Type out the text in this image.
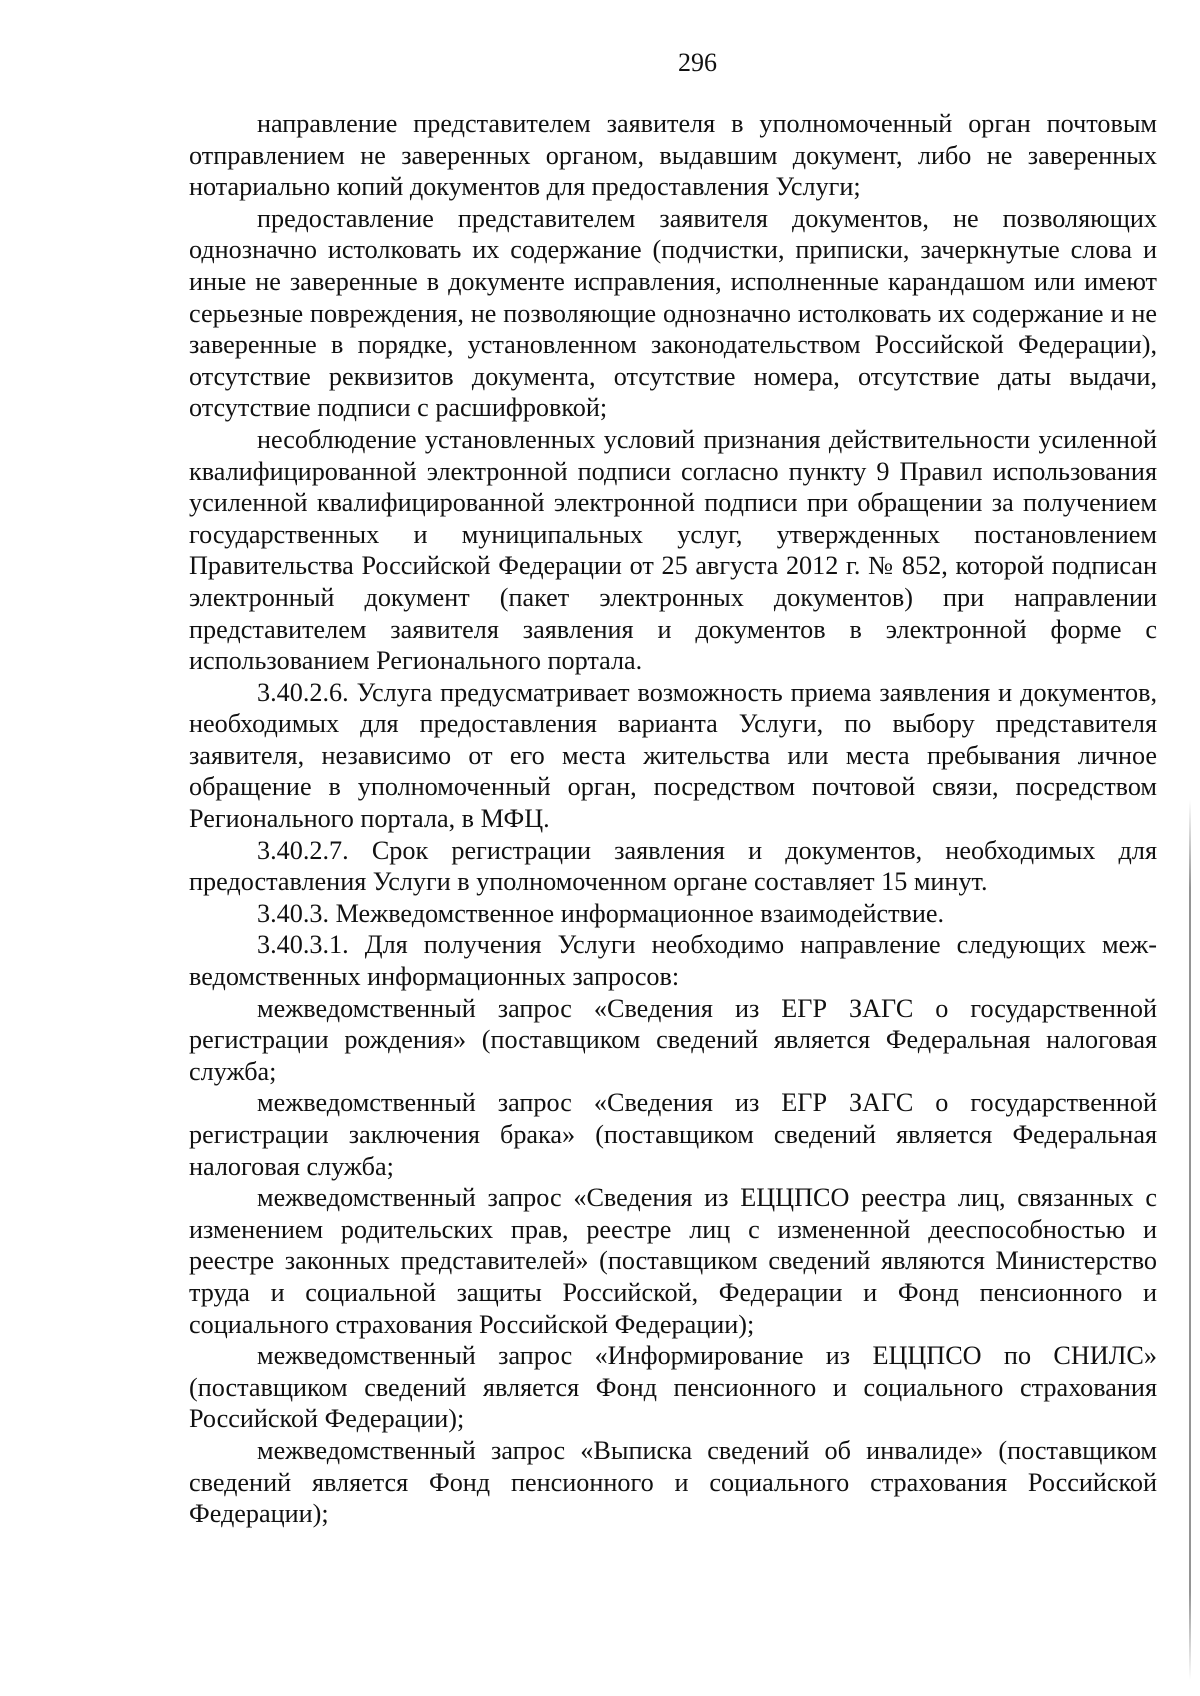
296

направление представителем заявителя в уполномоченный орган почтовым отправлением не заверенных органом, выдавшим документ, либо не заверенных нотариально копий документов для предоставления Услуги;

предоставление представителем заявителя документов, не позволяющих однозначно истолковать их содержание (подчистки, приписки, зачеркнутые слова и иные не заверенные в документе исправления, исполненные карандашом или имеют серьезные повреждения, не позволяющие однозначно истолковать их содержание и не заверенные в порядке, установленном законодательством Российской Федерации), отсутствие реквизитов документа, отсутствие номера, отсутствие даты выдачи, отсутствие подписи с расшифровкой;

несоблюдение установленных условий признания действительности усиленной квалифицированной электронной подписи согласно пункту 9 Правил использования усиленной квалифицированной электронной подписи при обращении за получением государственных и муниципальных услуг, утвержденных постановлением Правительства Российской Федерации от 25 августа 2012 г. № 852, которой подписан электронный документ (пакет электронных документов) при направлении представителем заявителя заявления и документов в электронной форме с использованием Регионального портала.

3.40.2.6. Услуга предусматривает возможность приема заявления и документов, необходимых для предоставления варианта Услуги, по выбору представителя заявителя, независимо от его места жительства или места пребывания личное обращение в уполномоченный орган, посредством почтовой связи, посредством Регионального портала, в МФЦ.

3.40.2.7. Срок регистрации заявления и документов, необходимых для предоставления Услуги в уполномоченном органе составляет 15 минут.

3.40.3. Межведомственное информационное взаимодействие.

3.40.3.1. Для получения Услуги необходимо направление следующих межведомственных информационных запросов:

межведомственный запрос «Сведения из ЕГР ЗАГС о государственной регистрации рождения» (поставщиком сведений является Федеральная налоговая служба;

межведомственный запрос «Сведения из ЕГР ЗАГС о государственной регистрации заключения брака» (поставщиком сведений является Федеральная налоговая служба;

межведомственный запрос «Сведения из ЕЦЦПСО реестра лиц, связанных с изменением родительских прав, реестре лиц с измененной дееспособностью и реестре законных представителей» (поставщиком сведений являются Министерство труда и социальной защиты Российской, Федерации и Фонд пенсионного и социального страхования Российской Федерации);

межведомственный запрос «Информирование из ЕЦЦПСО по СНИЛС» (поставщиком сведений является Фонд пенсионного и социального страхования Российской Федерации);

межведомственный запрос «Выписка сведений об инвалиде» (поставщиком сведений является Фонд пенсионного и социального страхования Российской Федерации);
